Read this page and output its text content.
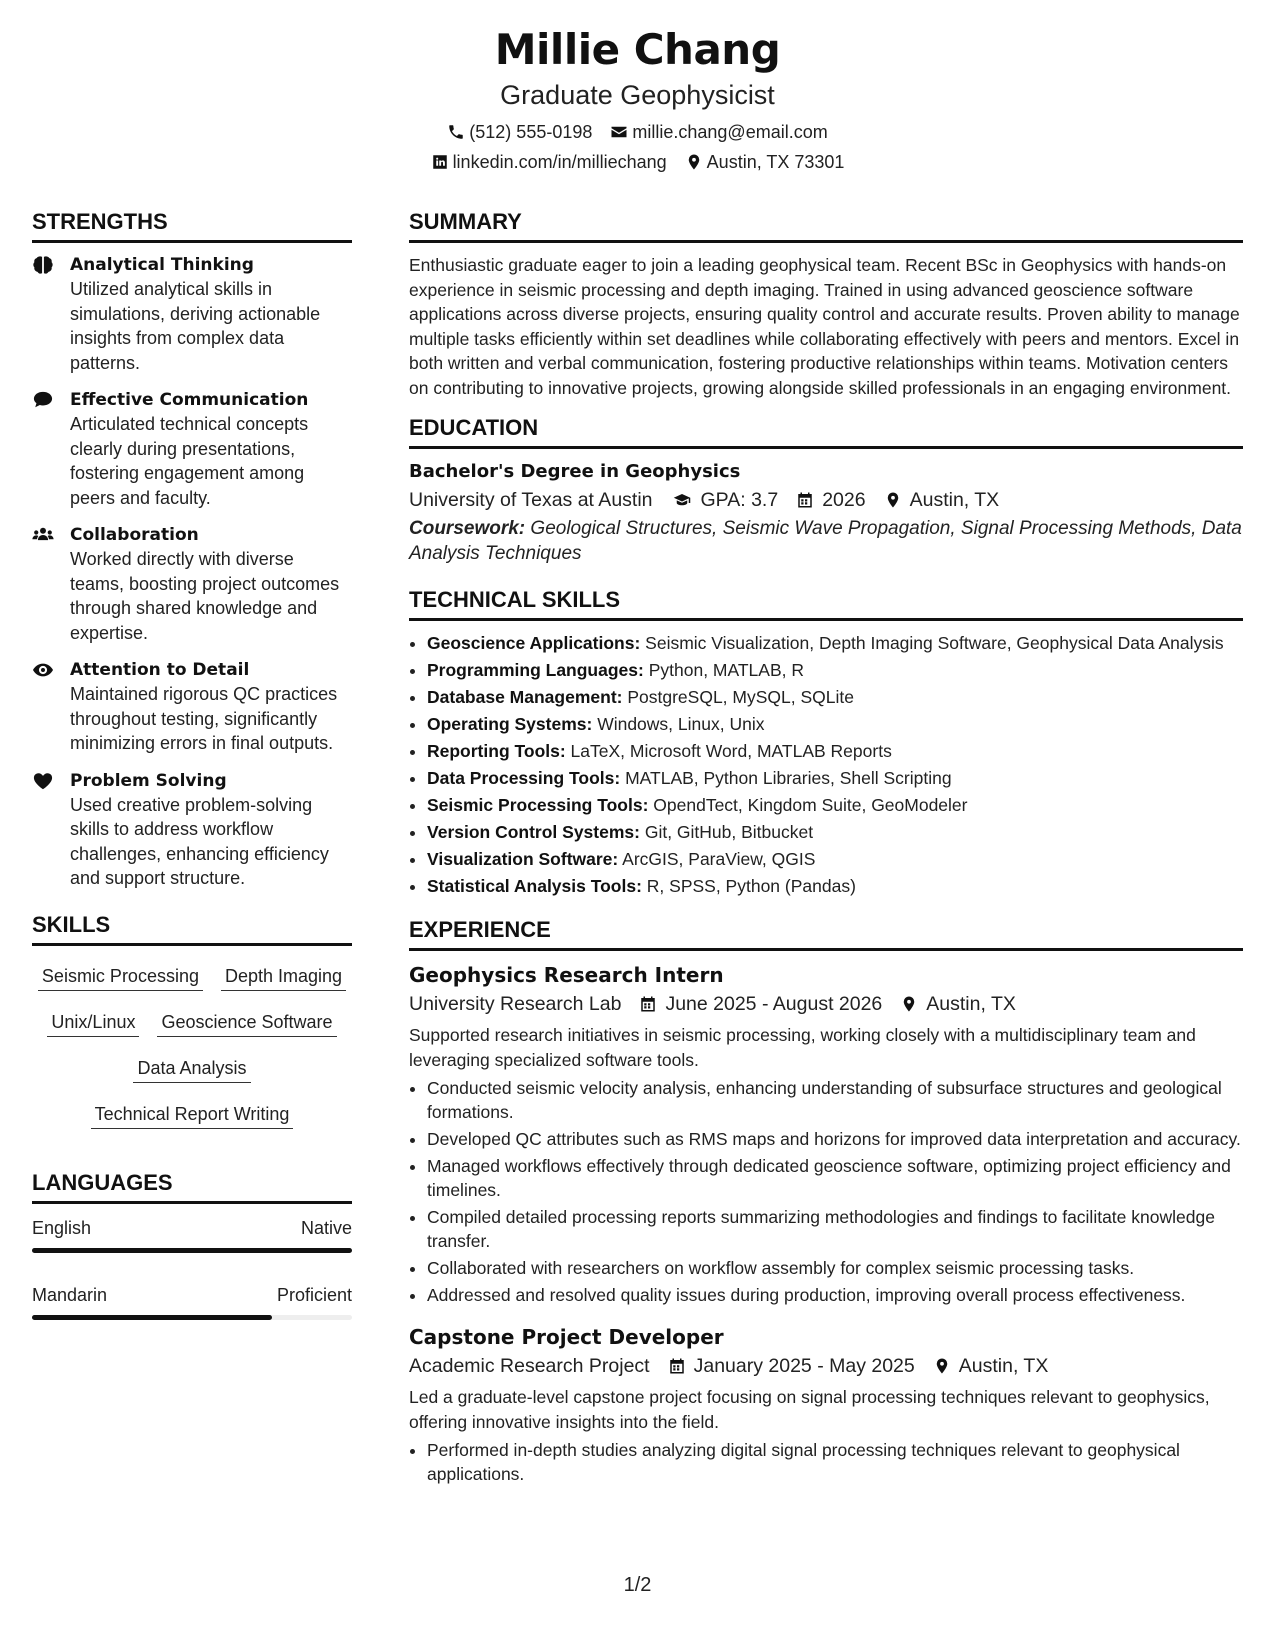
Millie Chang
Graduate Geophysicist
(512) 555-0198 millie.chang@email.com
linkedin.com/in/milliechang Austin, TX 73301
STRENGTHS
Analytical Thinking
Utilized analytical skills in simulations, deriving actionable insights from complex data patterns.
Effective Communication
Articulated technical concepts clearly during presentations, fostering engagement among peers and faculty.
Collaboration
Worked directly with diverse teams, boosting project outcomes through shared knowledge and expertise.
Attention to Detail
Maintained rigorous QC practices throughout testing, significantly minimizing errors in final outputs.
Problem Solving
Used creative problem-solving skills to address workflow challenges, enhancing efficiency and support structure.
SKILLS
Seismic Processing Depth Imaging
Unix/Linux Geoscience Software
Data Analysis
Technical Report Writing
LANGUAGES
English	Native
Mandarin	Proficient
SUMMARY
Enthusiastic graduate eager to join a leading geophysical team. Recent BSc in Geophysics with hands-on experience in seismic processing and depth imaging. Trained in using advanced geoscience software applications across diverse projects, ensuring quality control and accurate results. Proven ability to manage multiple tasks efficiently within set deadlines while collaborating effectively with peers and mentors. Excel in both written and verbal communication, fostering productive relationships within teams. Motivation centers on contributing to innovative projects, growing alongside skilled professionals in an engaging environment.
EDUCATION
Bachelor's Degree in Geophysics
University of Texas at Austin GPA: 3.7 2026 Austin, TX
Coursework: Geological Structures, Seismic Wave Propagation, Signal Processing Methods, Data Analysis Techniques
TECHNICAL SKILLS
• Geoscience Applications: Seismic Visualization, Depth Imaging Software, Geophysical Data Analysis
• Programming Languages: Python, MATLAB, R
• Database Management: PostgreSQL, MySQL, SQLite
• Operating Systems: Windows, Linux, Unix
• Reporting Tools: LaTeX, Microsoft Word, MATLAB Reports
• Data Processing Tools: MATLAB, Python Libraries, Shell Scripting
• Seismic Processing Tools: OpendTect, Kingdom Suite, GeoModeler
• Version Control Systems: Git, GitHub, Bitbucket
• Visualization Software: ArcGIS, ParaView, QGIS
• Statistical Analysis Tools: R, SPSS, Python (Pandas)
EXPERIENCE
Geophysics Research Intern
University Research Lab June 2025 - August 2026 Austin, TX
Supported research initiatives in seismic processing, working closely with a multidisciplinary team and leveraging specialized software tools.
• Conducted seismic velocity analysis, enhancing understanding of subsurface structures and geological formations.
• Developed QC attributes such as RMS maps and horizons for improved data interpretation and accuracy.
• Managed workflows effectively through dedicated geoscience software, optimizing project efficiency and timelines.
• Compiled detailed processing reports summarizing methodologies and findings to facilitate knowledge transfer.
• Collaborated with researchers on workflow assembly for complex seismic processing tasks.
• Addressed and resolved quality issues during production, improving overall process effectiveness.
Capstone Project Developer
Academic Research Project January 2025 - May 2025 Austin, TX
Led a graduate-level capstone project focusing on signal processing techniques relevant to geophysics, offering innovative insights into the field.
• Performed in-depth studies analyzing digital signal processing techniques relevant to geophysical applications.
1/2
